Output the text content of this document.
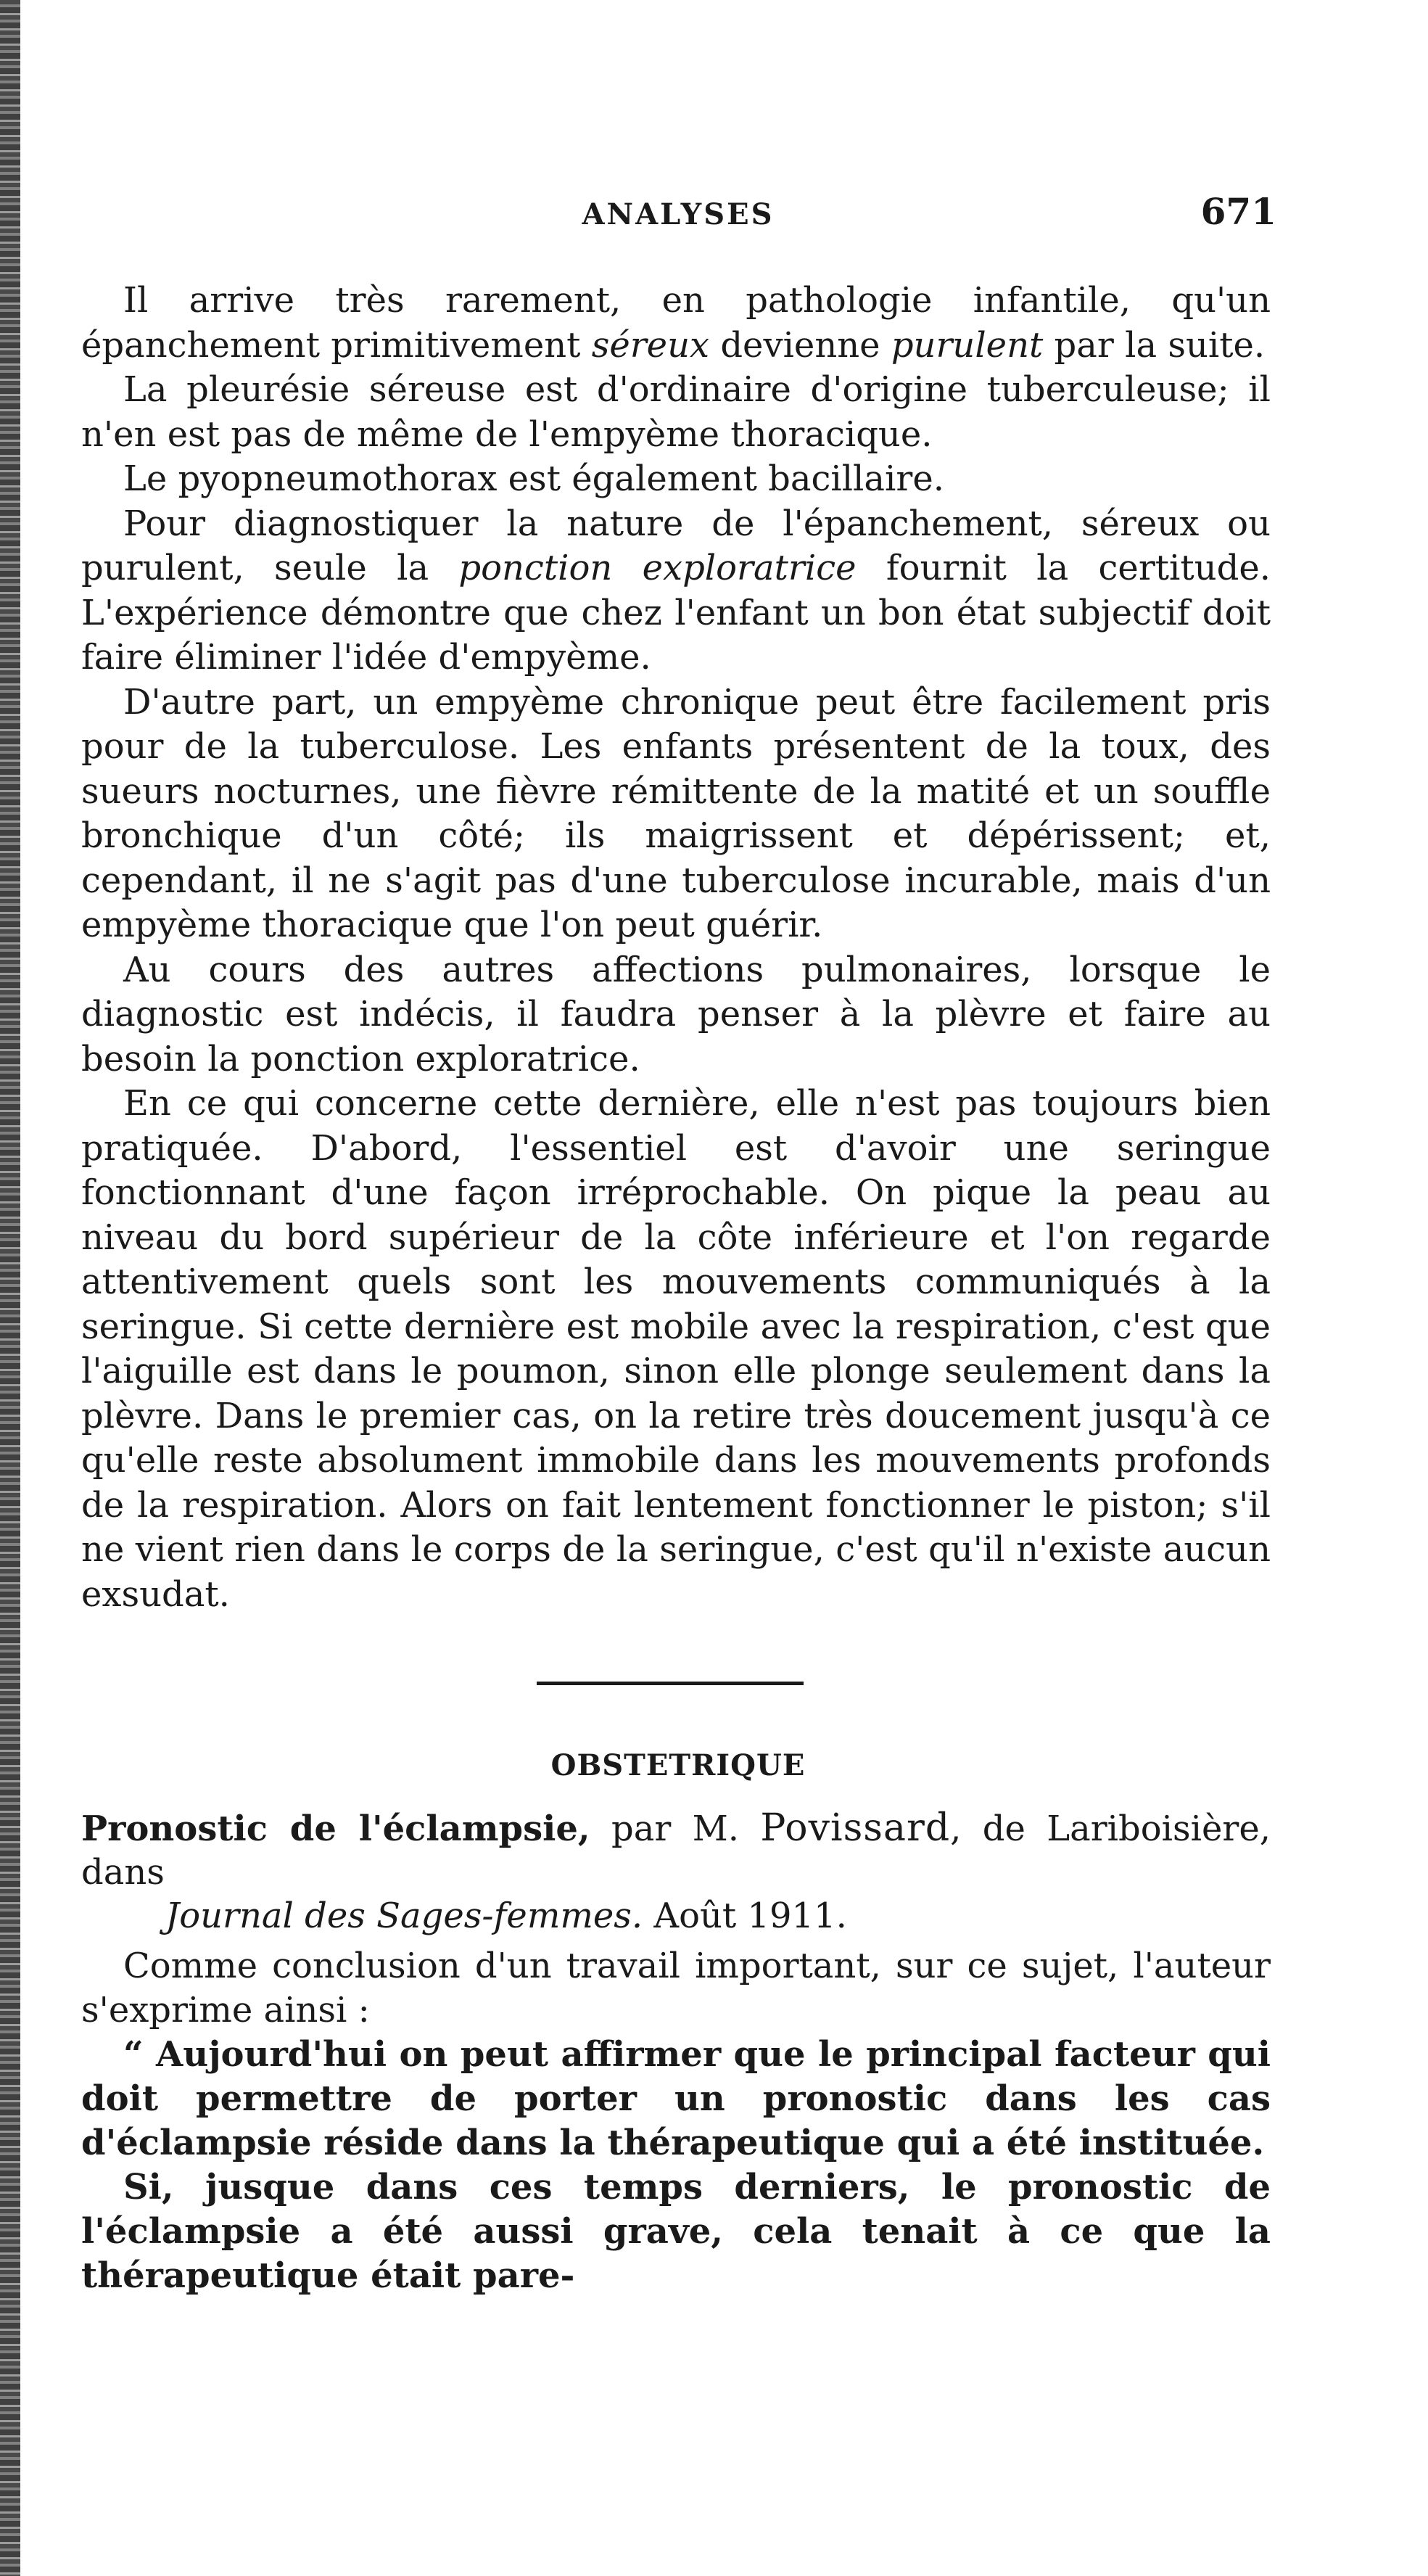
ANALYSES	671

Il arrive très rarement, en pathologie infantile, qu'un épanchement primitivement séreux devienne purulent par la suite.

La pleurésie séreuse est d'ordinaire d'origine tuberculeuse; il n'en est pas de même de l'empyème thoracique.

Le pyopneumothorax est également bacillaire.

Pour diagnostiquer la nature de l'épanchement, séreux ou purulent, seule la ponction exploratrice fournit la certitude. L'expérience démontre que chez l'enfant un bon état subjectif doit faire éliminer l'idée d'empyème.

D'autre part, un empyème chronique peut être facilement pris pour de la tuberculose. Les enfants présentent de la toux, des sueurs nocturnes, une fièvre rémittente de la matité et un souffle bronchique d'un côté; ils maigrissent et dépérissent; et, cependant, il ne s'agit pas d'une tuberculose incurable, mais d'un empyème thoracique que l'on peut guérir.

Au cours des autres affections pulmonaires, lorsque le diagnostic est indécis, il faudra penser à la plèvre et faire au besoin la ponction exploratrice.

En ce qui concerne cette dernière, elle n'est pas toujours bien pratiquée. D'abord, l'essentiel est d'avoir une seringue fonctionnant d'une façon irréprochable. On pique la peau au niveau du bord supérieur de la côte inférieure et l'on regarde attentivement quels sont les mouvements communiqués à la seringue. Si cette dernière est mobile avec la respiration, c'est que l'aiguille est dans le poumon, sinon elle plonge seulement dans la plèvre. Dans le premier cas, on la retire très doucement jusqu'à ce qu'elle reste absolument immobile dans les mouvements profonds de la respiration. Alors on fait lentement fonctionner le piston; s'il ne vient rien dans le corps de la seringue, c'est qu'il n'existe aucun exsudat.

OBSTETRIQUE
Pronostic de l'éclampsie, par M. Povissard, de Lariboisière, dans
Journal des Sages-femmes. Août 1911.

Comme conclusion d'un travail important, sur ce sujet, l'auteur s'exprime ainsi :

“ Aujourd'hui on peut affirmer que le principal facteur qui doit permettre de porter un pronostic dans les cas d'éclampsie réside dans la thérapeutique qui a été instituée.

Si, jusque dans ces temps derniers, le pronostic de l'éclampsie a été aussi grave, cela tenait à ce que la thérapeutique était pare-
